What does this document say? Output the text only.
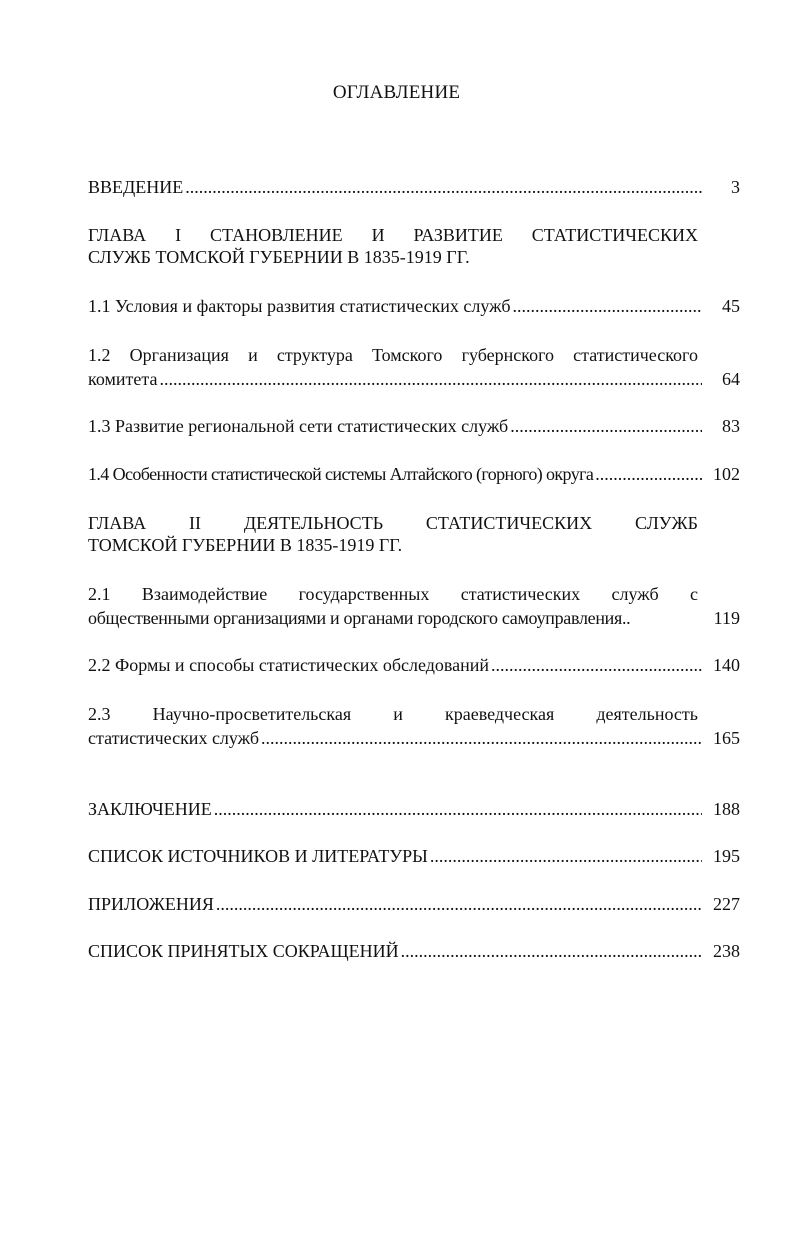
ОГЛАВЛЕНИЕ
ВВЕДЕНИЕ .....	3
ГЛАВА I СТАНОВЛЕНИЕ И РАЗВИТИЕ СТАТИСТИЧЕСКИХ
СЛУЖБ ТОМСКОЙ ГУБЕРНИИ В 1835-1919 ГГ.
1.1 Условия и факторы развития статистических служб .....	45
1.2 Организация и структура Томского губернского статистического
комитета .....	64
1.3 Развитие региональной сети статистических служб .....	83
1.4 Особенности статистической системы Алтайского (горного) округа .....	102
ГЛАВА II ДЕЯТЕЛЬНОСТЬ СТАТИСТИЧЕСКИХ СЛУЖБ
ТОМСКОЙ ГУБЕРНИИ В 1835-1919 ГГ.
2.1 Взаимодействие государственных статистических служб с
общественными организациями и органами городского самоуправления..	119
2.2 Формы и способы статистических обследований .....	140
2.3 Научно-просветительская и краеведческая деятельность
статистических служб .....	165
ЗАКЛЮЧЕНИЕ .....	188
СПИСОК ИСТОЧНИКОВ И ЛИТЕРАТУРЫ .....	195
ПРИЛОЖЕНИЯ .....	227
СПИСОК ПРИНЯТЫХ СОКРАЩЕНИЙ .....	238
